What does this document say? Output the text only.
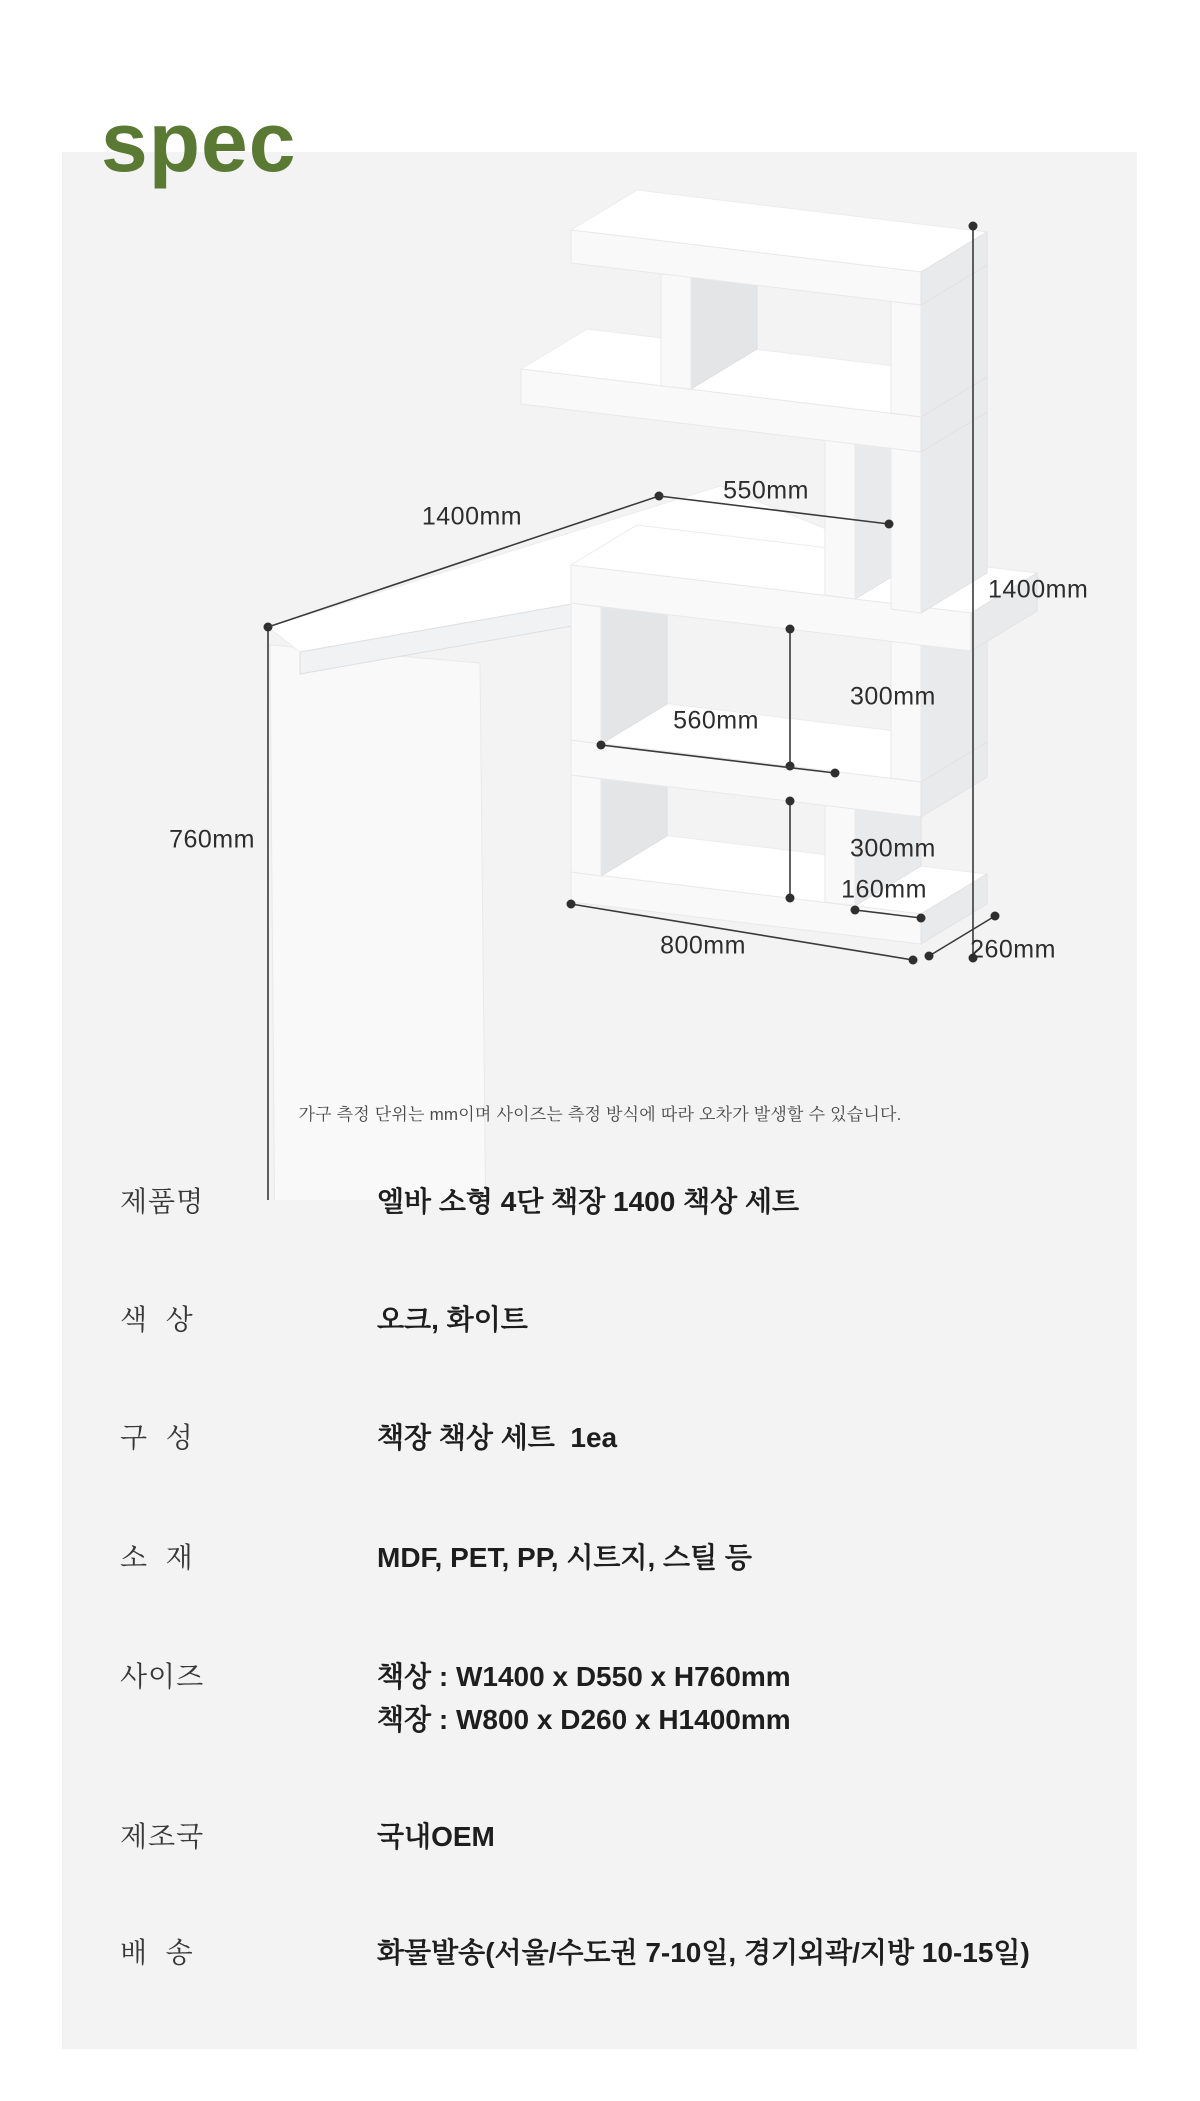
spec
1400mm
550mm
1400mm
300mm
560mm
300mm
160mm
800mm	260mm
760mm
가구 측정 단위는 mm이며 사이즈는 측정 방식에 따라 오차가 발생할 수 있습니다.
제품명	엘바 소형 4단 책장 1400 책상 세트
색  상	오크, 화이트
구  성	책장 책상 세트  1ea
소  재	MDF, PET, PP, 시트지, 스틸 등
사이즈	책상 : W1400 x D550 x H760mm
책장 : W800 x D260 x H1400mm
제조국	국내OEM
배  송	화물발송(서울/수도권 7-10일, 경기외곽/지방 10-15일)
